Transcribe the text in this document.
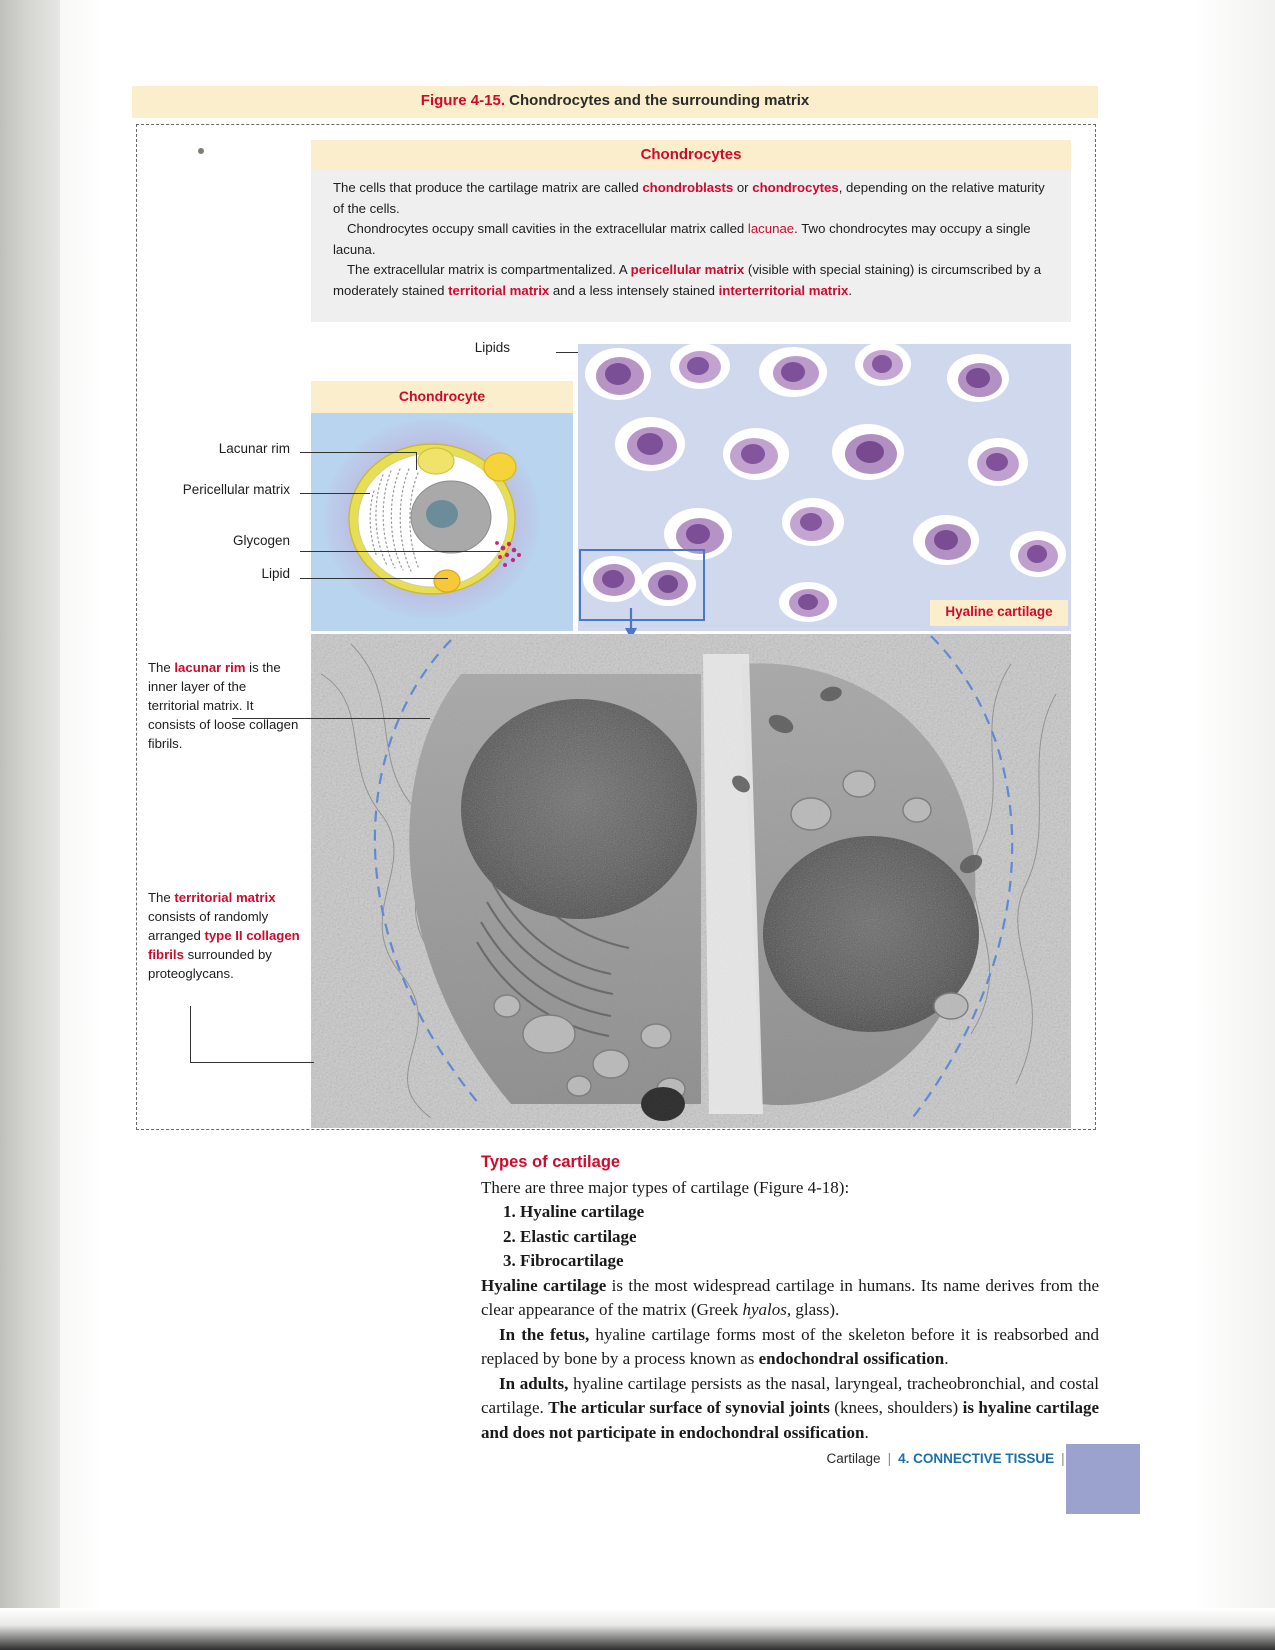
Figure 4-15. Chondrocytes and the surrounding matrix
Chondrocytes

The cells that produce the cartilage matrix are called chondroblasts or chondrocytes, depending on the relative maturity of the cells.

Chondrocytes occupy small cavities in the extracellular matrix called lacunae. Two chondrocytes may occupy a single lacuna.

The extracellular matrix is compartmentalized. A pericellular matrix (visible with special staining) is circumscribed by a moderately stained territorial matrix and a less intensely stained interterritorial matrix.

Lipids
Chondrocyte
Lacunar rim
Pericellular matrix
Glycogen
Lipid
Hyaline cartilage
The lacunar rim is the inner layer of the territorial matrix. It consists of loose collagen fibrils.
The territorial matrix consists of randomly arranged type II collagen fibrils surrounded by proteoglycans.
Types of cartilage

There are three major types of cartilage (Figure 4-18):

1. Hyaline cartilage
2. Elastic cartilage
3. Fibrocartilage

Hyaline cartilage is the most widespread cartilage in humans. Its name derives from the clear appearance of the matrix (Greek hyalos, glass).

In the fetus, hyaline cartilage forms most of the skeleton before it is reabsorbed and replaced by bone by a process known as endochondral ossification.

In adults, hyaline cartilage persists as the nasal, laryngeal, tracheobronchial, and costal cartilage. The articular surface of synovial joints (knees, shoulders) is hyaline cartilage and does not participate in endochondral ossification.

Cartilage | 4. CONNECTIVE TISSUE |
